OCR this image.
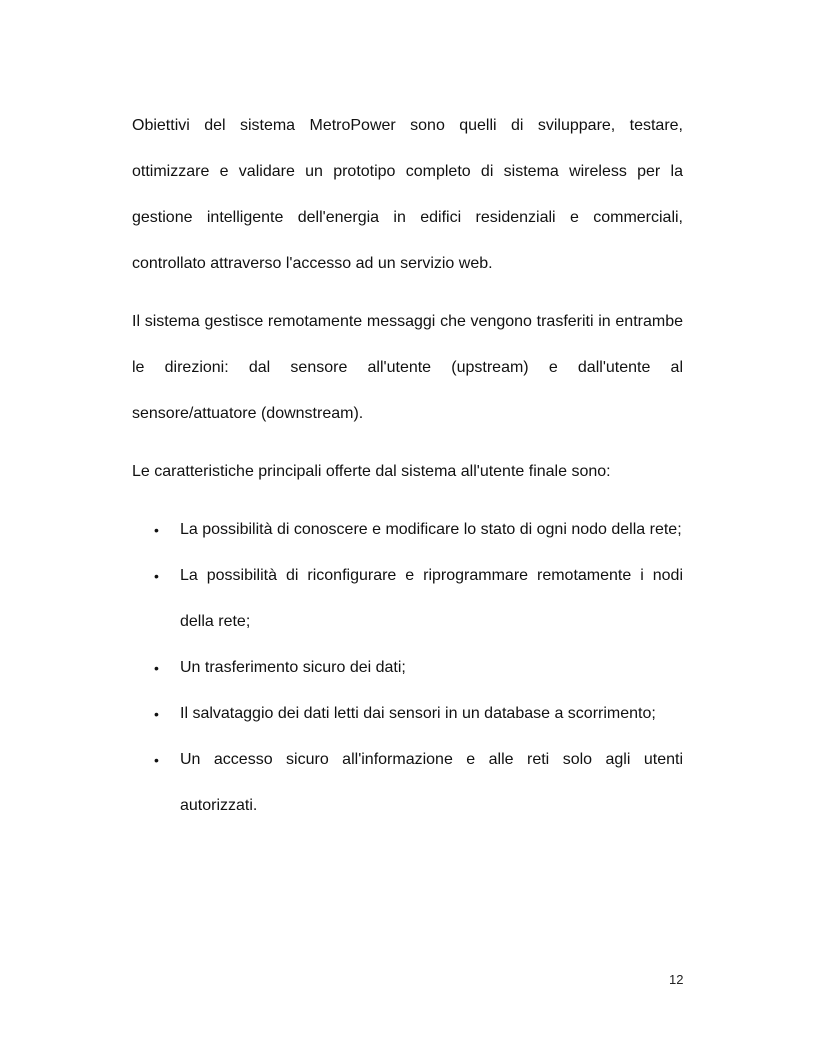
Obiettivi del sistema MetroPower sono quelli di sviluppare, testare, ottimizzare e validare un prototipo completo di sistema wireless per la gestione intelligente dell'energia in edifici residenziali e commerciali, controllato attraverso l'accesso ad un servizio web.

Il sistema gestisce remotamente messaggi che vengono trasferiti in entrambe le direzioni: dal sensore all'utente (upstream) e dall'utente al sensore/attuatore (downstream).

Le caratteristiche principali offerte dal sistema all'utente finale sono:

• La possibilità di conoscere e modificare lo stato di ogni nodo della rete;
• La possibilità di riconfigurare e riprogrammare remotamente i nodi della rete;
• Un trasferimento sicuro dei dati;
• Il salvataggio dei dati letti dai sensori in un database a scorrimento;
• Un accesso sicuro all'informazione e alle reti solo agli utenti autorizzati.
12
